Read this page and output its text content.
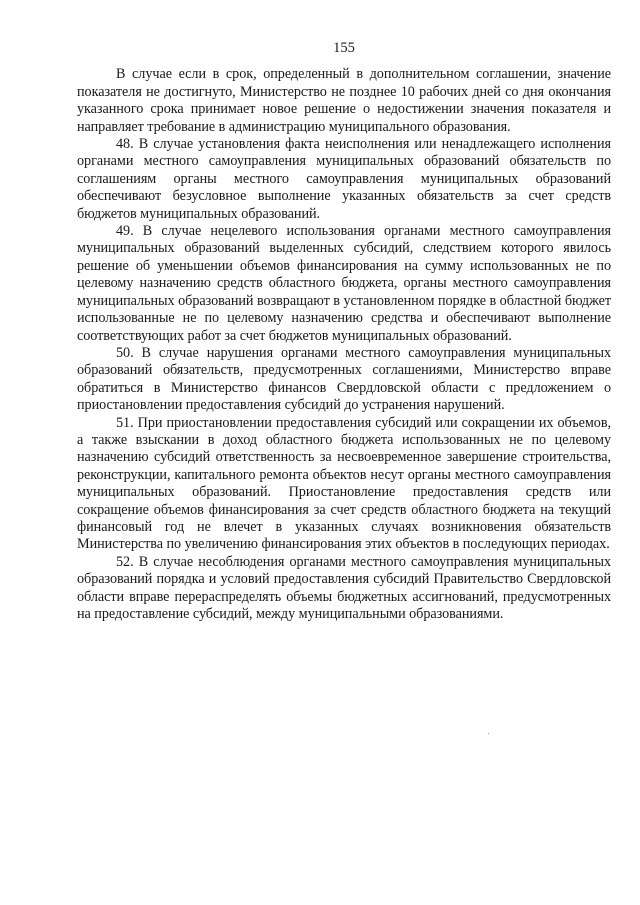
155

В случае если в срок, определенный в дополнительном соглашении, значение показателя не достигнуто, Министерство не позднее 10 рабочих дней со дня окончания указанного срока принимает новое решение о недостижении значения показателя и направляет требование в администрацию муниципального образования.

48. В случае установления факта неисполнения или ненадлежащего исполнения органами местного самоуправления муниципальных образований обязательств по соглашениям органы местного самоуправления муниципальных образований обеспечивают безусловное выполнение указанных обязательств за счет средств бюджетов муниципальных образований.

49. В случае нецелевого использования органами местного самоуправления муниципальных образований выделенных субсидий, следствием которого явилось решение об уменьшении объемов финансирования на сумму использованных не по целевому назначению средств областного бюджета, органы местного самоуправления муниципальных образований возвращают в установленном порядке в областной бюджет использованные не по целевому назначению средства и обеспечивают выполнение соответствующих работ за счет бюджетов муниципальных образований.

50. В случае нарушения органами местного самоуправления муниципальных образований обязательств, предусмотренных соглашениями, Министерство вправе обратиться в Министерство финансов Свердловской области с предложением о приостановлении предоставления субсидий до устранения нарушений.

51. При приостановлении предоставления субсидий или сокращении их объемов, а также взыскании в доход областного бюджета использованных не по целевому назначению субсидий ответственность за несвоевременное завершение строительства, реконструкции, капитального ремонта объектов несут органы местного самоуправления муниципальных образований. Приостановление предоставления средств или сокращение объемов финансирования за счет средств областного бюджета на текущий финансовый год не влечет в указанных случаях возникновения обязательств Министерства по увеличению финансирования этих объектов в последующих периодах.

52. В случае несоблюдения органами местного самоуправления муниципальных образований порядка и условий предоставления субсидий Правительство Свердловской области вправе перераспределять объемы бюджетных ассигнований, предусмотренных на предоставление субсидий, между муниципальными образованиями.
